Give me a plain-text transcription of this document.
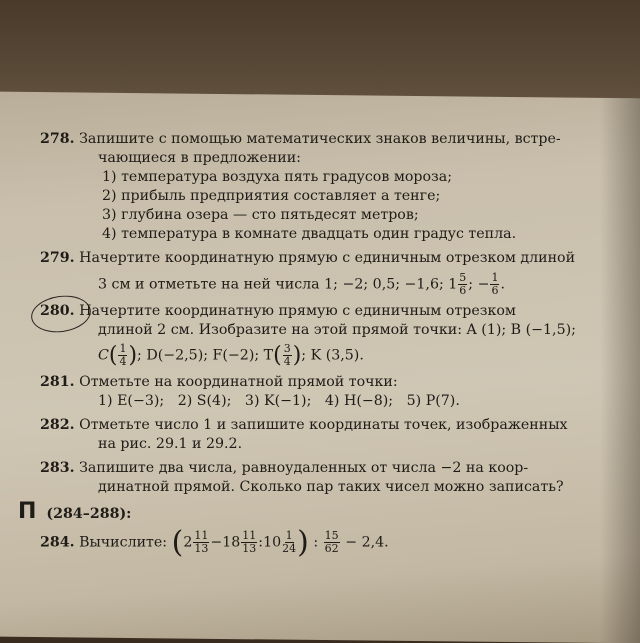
278. Запишите с помощью математических знаков величины, встре-
чающиеся в предложении:
1) температура воздуха пять градусов мороза;
2) прибыль предприятия составляет a тенге;
3) глубина озера — сто пятьдесят метров;
4) температура в комнате двадцать один градус тепла.
279. Начертите координатную прямую с единичным отрезком длиной
3 см и отметьте на ней числа 1; −2; 0,5; −1,6; $1 \frac{5}{6}$ ; − $\frac{1}{6}$ .
280. Начертите координатную прямую с единичным отрезком
длиной 2 см. Изобразите на этой прямой точки: A (1); B (−1,5);
$C( \frac{1}{4}$ ); D(−2,5); F(−2); $T( \frac{3}{4}$ ); K (3,5).
281. Отметьте на координатной прямой точки:
1) E(−3);   2) S(4);   3) K(−1);   4) H(−8);   5) P(7).
282. Отметьте число 1 и запишите координаты точек, изображенных
на рис. 29.1 и 29.2.
283. Запишите два числа, равноудаленных от числа −2 на коор-
динатной прямой. Сколько пар таких чисел можно записать?
П (284–288):
284. Вычислите: ($2 \frac{11}{13} -18 \frac{11}{13}$ :10 $\frac{1}{24}$ ) : $\frac{15}{62} - 2,4$.
